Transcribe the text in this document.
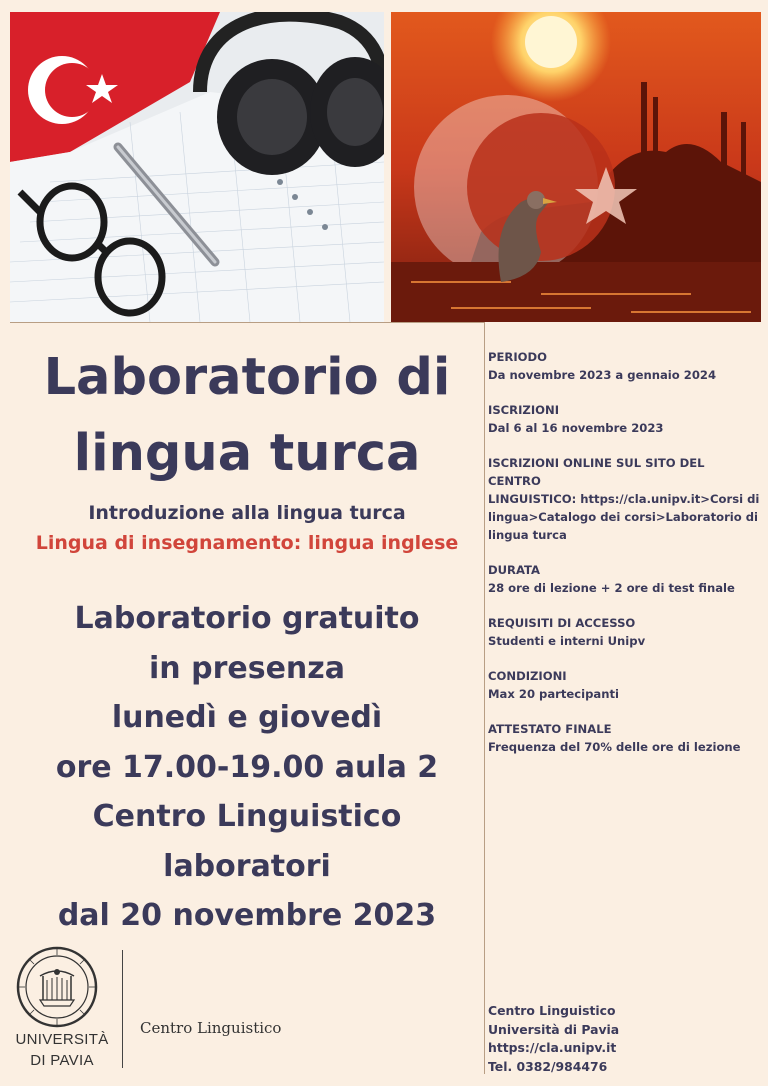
Laboratorio di
lingua turca
Introduzione alla lingua turca
Lingua di insegnamento: lingua inglese
Laboratorio gratuito
in presenza
lunedì e giovedì
ore 17.00-19.00 aula 2
Centro Linguistico
laboratori
dal 20 novembre 2023
PERIODO
Da novembre 2023 a gennaio 2024
ISCRIZIONI
Dal 6 al 16 novembre 2023
ISCRIZIONI ONLINE SUL SITO DEL CENTRO
LINGUISTICO: https://cla.unipv.it>Corsi di
lingua>Catalogo dei corsi>Laboratorio di
lingua turca
DURATA
28 ore di lezione + 2 ore di test finale
REQUISITI DI ACCESSO
Studenti e interni Unipv
CONDIZIONI
Max 20 partecipanti
ATTESTATO FINALE
Frequenza del 70% delle ore di lezione
Centro Linguistico
Università di Pavia
https://cla.unipv.it
Tel. 0382/984476
UNIVERSITÀ
DI PAVIA
Centro Linguistico
